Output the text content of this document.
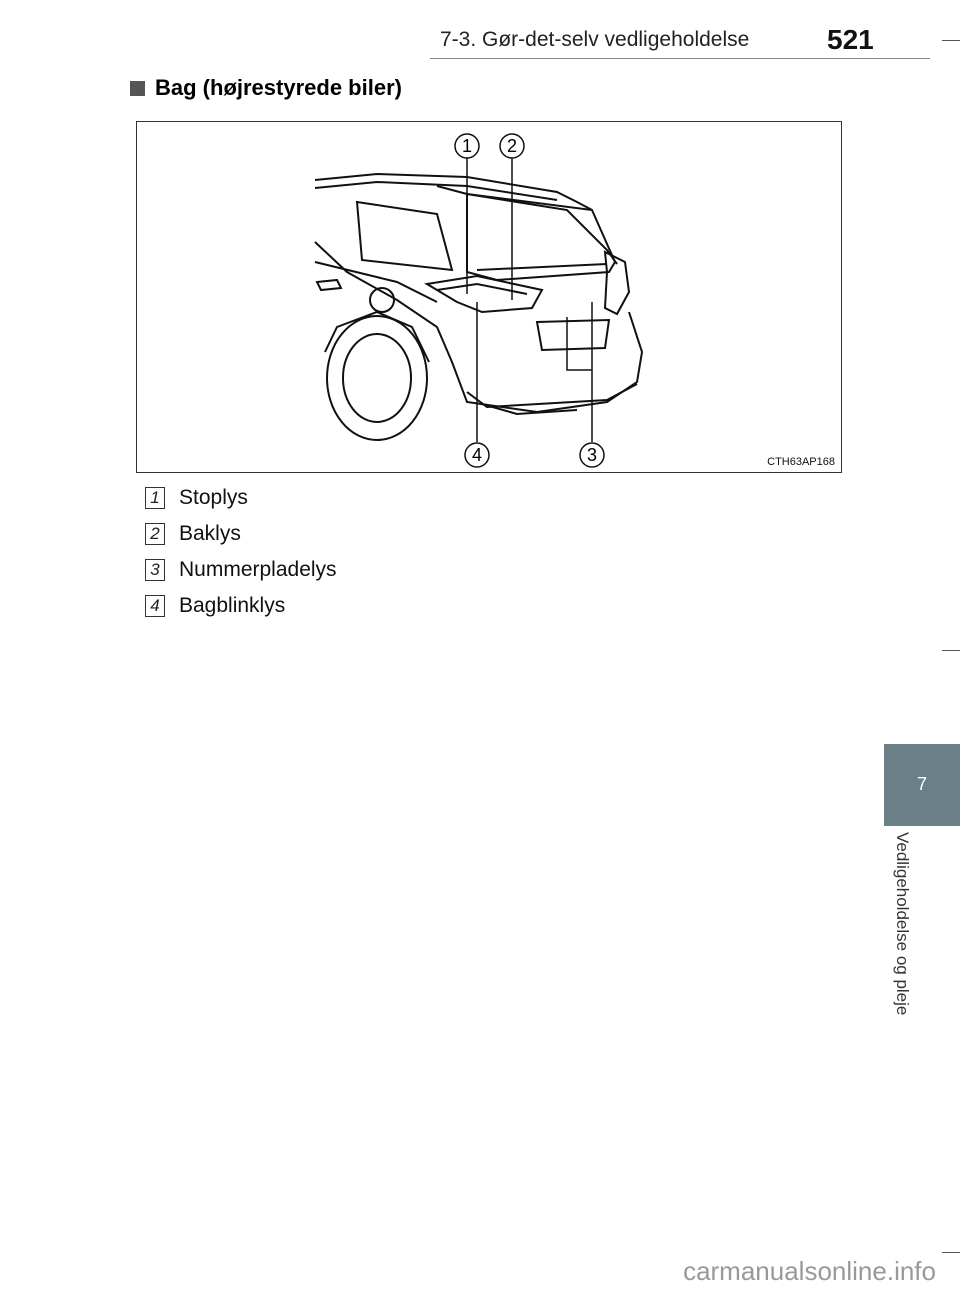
7-3. Gør-det-selv vedligeholdelse	521
Bag (højrestyrede biler)
1 2
3
4	CTH63AP168
1 Stoplys
2 Baklys
3 Nummerpladelys
4 Bagblinklys
7
Vedligeholdelse og pleje
carmanualsonline.info
